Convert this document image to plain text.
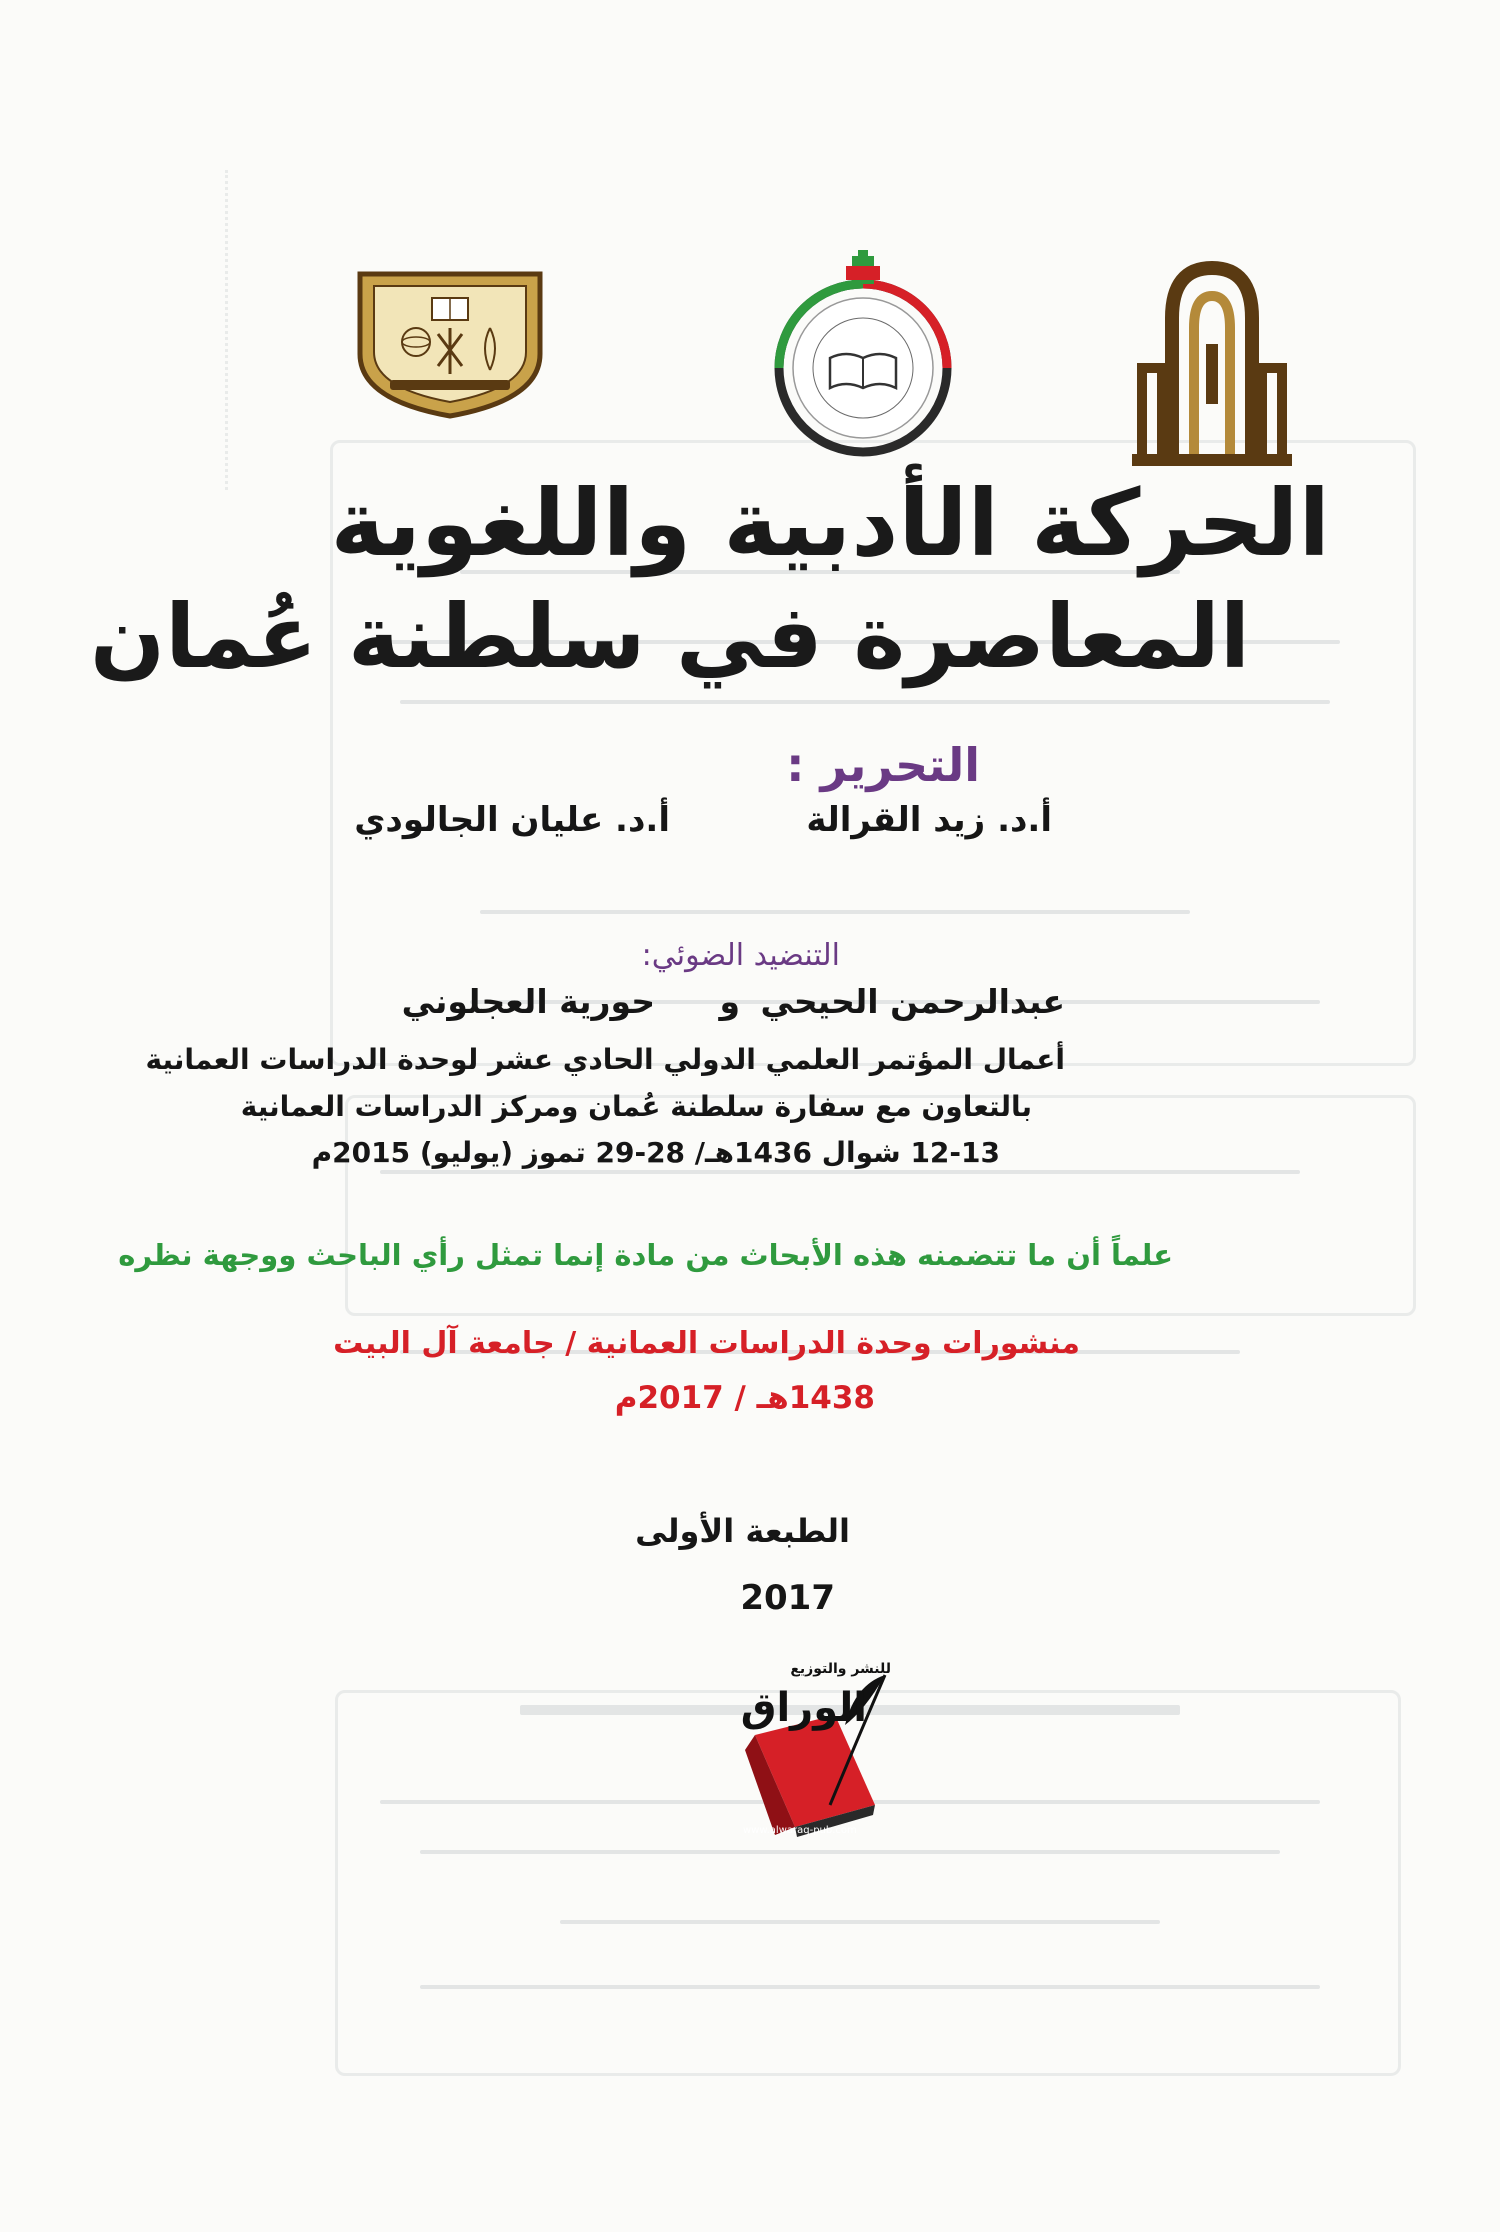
الحركة الأدبية واللغوية
المعاصرة في سلطنة عُمان
التحرير :
أ.د. زيد القرالة
أ.د. عليان الجالودي
التنضيد الضوئي:
عبدالرحمن الحيحي
و
حورية العجلوني
أعمال المؤتمر العلمي الدولي الحادي عشر لوحدة الدراسات العمانية
بالتعاون مع سفارة سلطنة عُمان ومركز الدراسات العمانية
12-13 شوال 1436هـ/ 28-29 تموز (يوليو) 2015م
علماً أن ما تتضمنه هذه الأبحاث من مادة إنما تمثل رأي الباحث ووجهة نظره
منشورات وحدة الدراسات العمانية / جامعة آل البيت
1438هـ / 2017م
الطبعة الأولى
2017
للنشر والتوزيع
الوراق
www.alwaraq-pub.com
